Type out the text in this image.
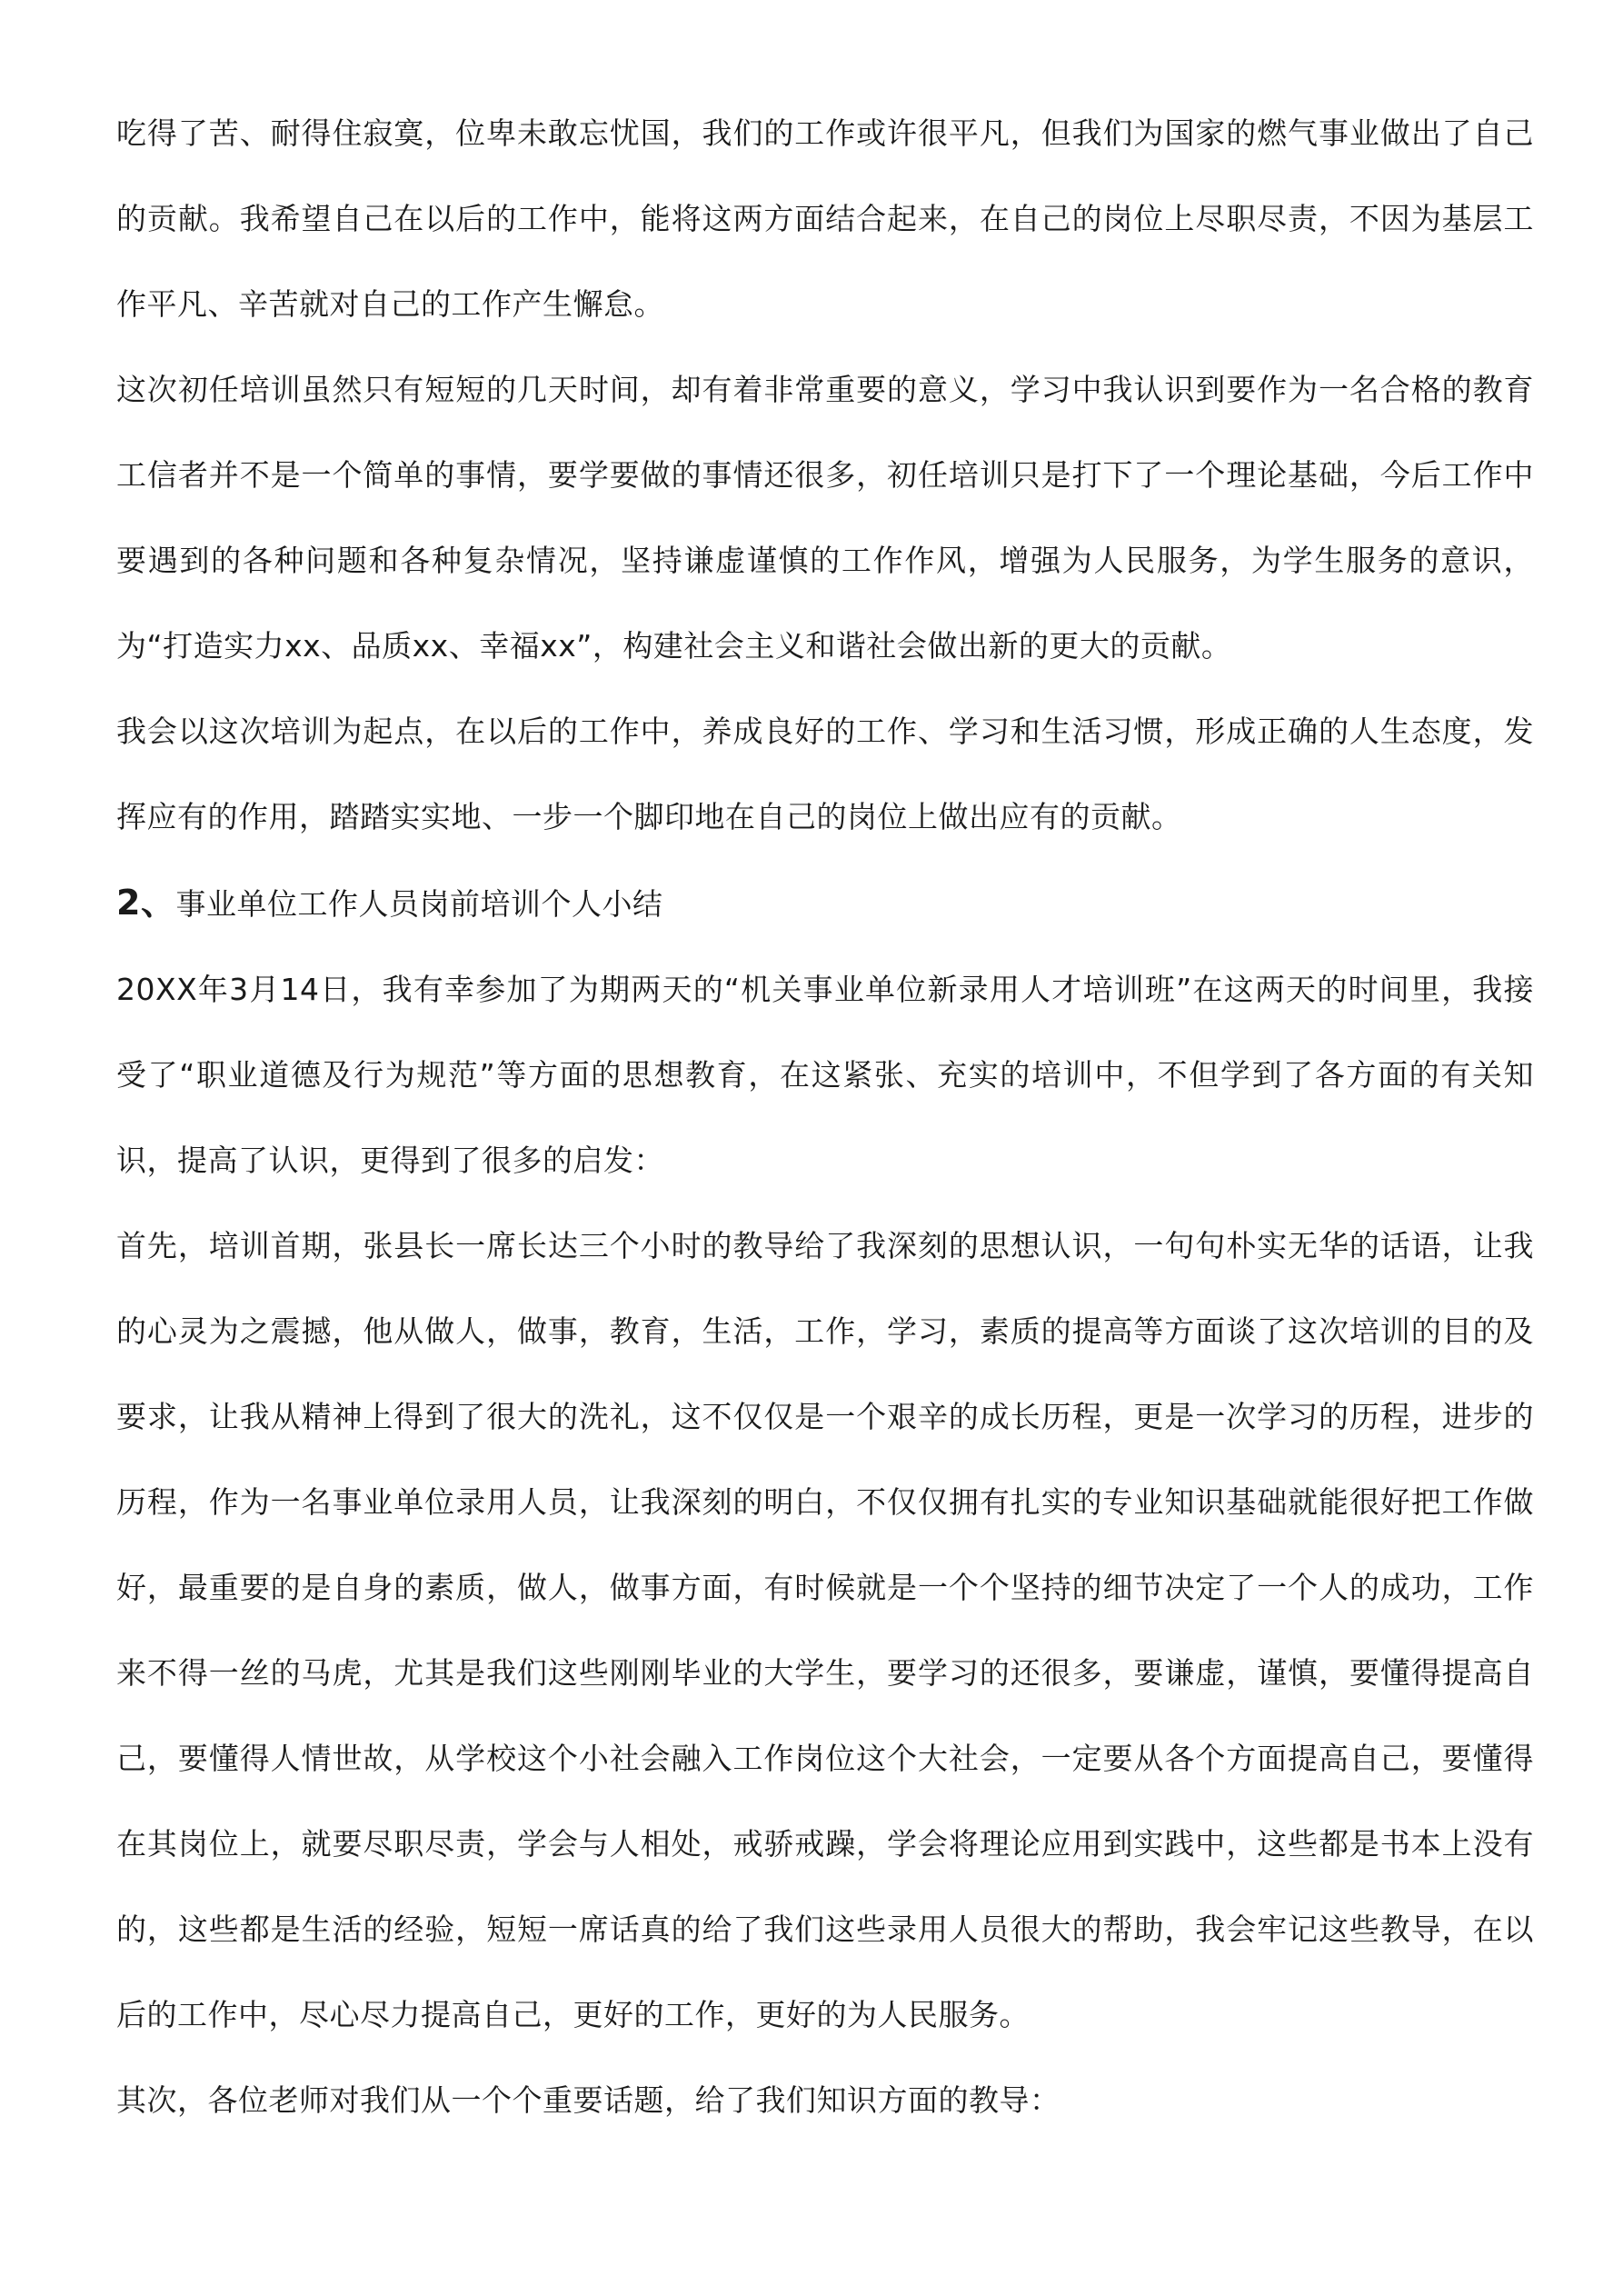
吃得了苦、耐得住寂寞，位卑未敢忘忧国，我们的工作或许很平凡，但我们为国家的燃气事业做出了自己的贡献。我希望自己在以后的工作中，能将这两方面结合起来，在自己的岗位上尽职尽责，不因为基层工作平凡、辛苦就对自己的工作产生懈怠。

这次初任培训虽然只有短短的几天时间，却有着非常重要的意义，学习中我认识到要作为一名合格的教育工信者并不是一个简单的事情，要学要做的事情还很多，初任培训只是打下了一个理论基础，今后工作中要遇到的各种问题和各种复杂情况，坚持谦虚谨慎的工作作风，增强为人民服务，为学生服务的意识，为“打造实力xx、品质xx、幸福xx”，构建社会主义和谐社会做出新的更大的贡献。

我会以这次培训为起点，在以后的工作中，养成良好的工作、学习和生活习惯，形成正确的人生态度，发挥应有的作用，踏踏实实地、一步一个脚印地在自己的岗位上做出应有的贡献。

2、事业单位工作人员岗前培训个人小结

20XX年3月14日，我有幸参加了为期两天的“机关事业单位新录用人才培训班”在这两天的时间里，我接受了“职业道德及行为规范”等方面的思想教育，在这紧张、充实的培训中，不但学到了各方面的有关知识，提高了认识，更得到了很多的启发：

首先，培训首期，张县长一席长达三个小时的教导给了我深刻的思想认识，一句句朴实无华的话语，让我的心灵为之震撼，他从做人，做事，教育，生活，工作，学习，素质的提高等方面谈了这次培训的目的及要求，让我从精神上得到了很大的洗礼，这不仅仅是一个艰辛的成长历程，更是一次学习的历程，进步的历程，作为一名事业单位录用人员，让我深刻的明白，不仅仅拥有扎实的专业知识基础就能很好把工作做好，最重要的是自身的素质，做人，做事方面，有时候就是一个个坚持的细节决定了一个人的成功，工作来不得一丝的马虎，尤其是我们这些刚刚毕业的大学生，要学习的还很多，要谦虚，谨慎，要懂得提高自己，要懂得人情世故，从学校这个小社会融入工作岗位这个大社会，一定要从各个方面提高自己，要懂得在其岗位上，就要尽职尽责，学会与人相处，戒骄戒躁，学会将理论应用到实践中，这些都是书本上没有的，这些都是生活的经验，短短一席话真的给了我们这些录用人员很大的帮助，我会牢记这些教导，在以后的工作中，尽心尽力提高自己，更好的工作，更好的为人民服务。

其次，各位老师对我们从一个个重要话题，给了我们知识方面的教导：
